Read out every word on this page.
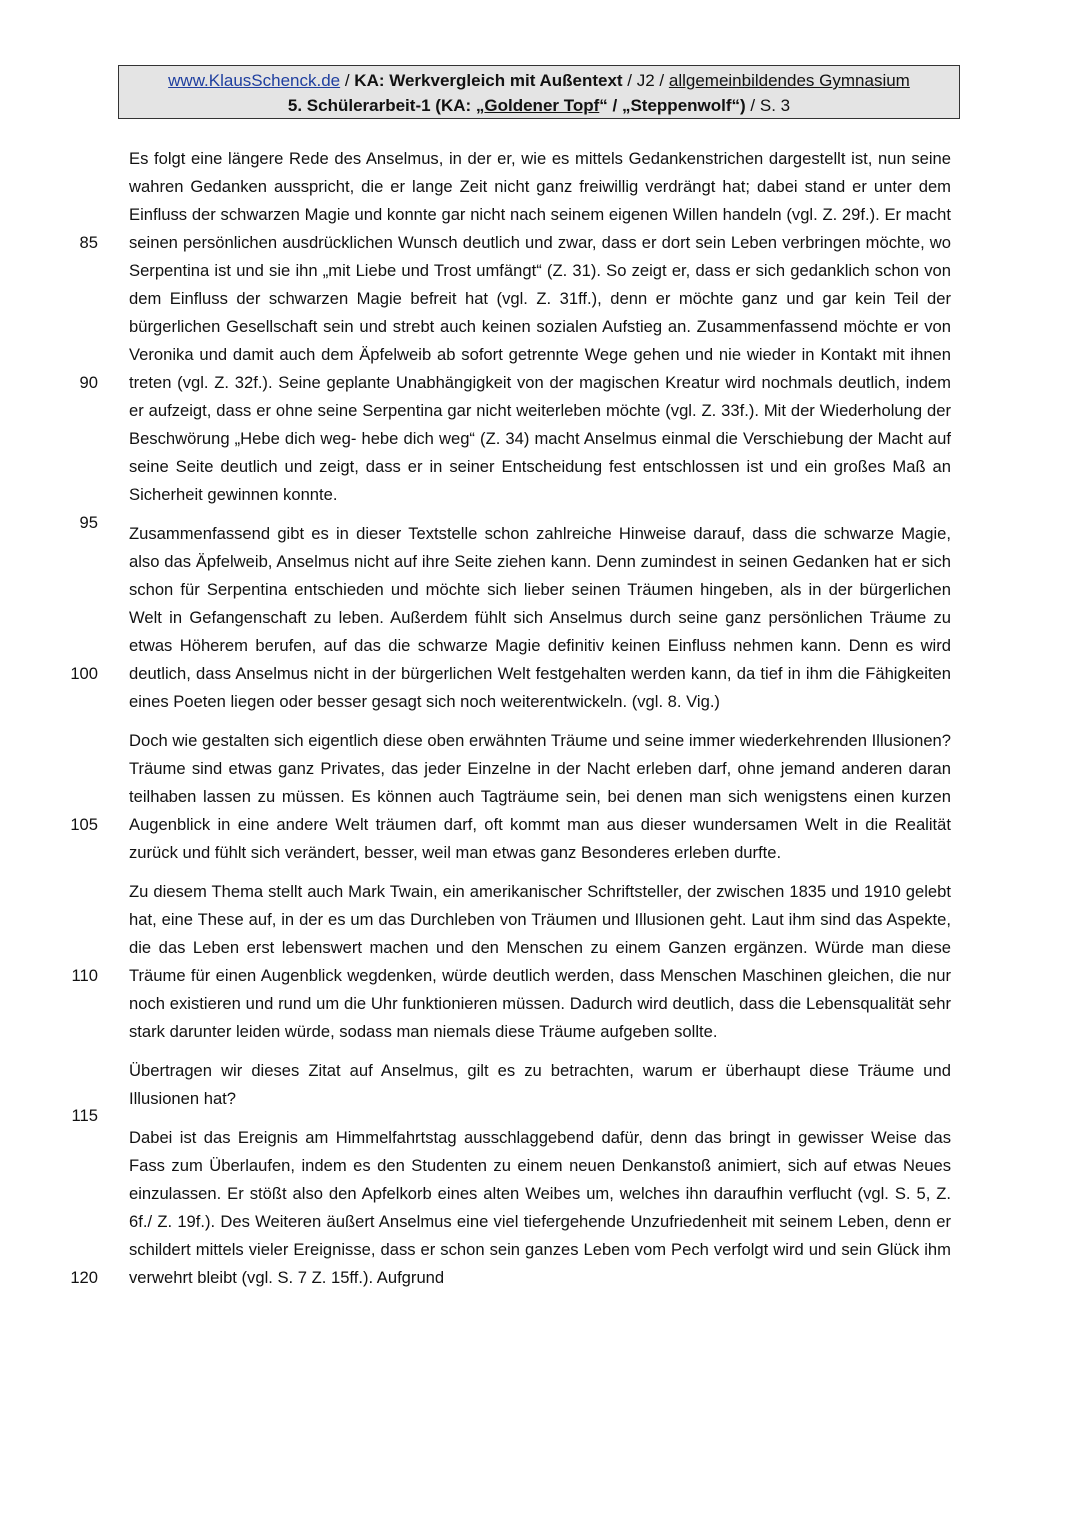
www.KlausSchenck.de / KA: Werkvergleich mit Außentext / J2 / allgemeinbildendes Gymnasium
5. Schülerarbeit-1 (KA: „Goldener Topf“ / „Steppenwolf“) / S. 3
85
90
95
100
105
110
115
120

Es folgt eine längere Rede des Anselmus, in der er, wie es mittels Gedankenstrichen dargestellt ist, nun seine wahren Gedanken ausspricht, die er lange Zeit nicht ganz freiwillig verdrängt hat; dabei stand er unter dem Einfluss der schwarzen Magie und konnte gar nicht nach seinem eigenen Willen handeln (vgl. Z. 29f.). Er macht seinen persönlichen ausdrücklichen Wunsch deutlich und zwar, dass er dort sein Leben verbringen möchte, wo Serpentina ist und sie ihn „mit Liebe und Trost umfängt“ (Z. 31). So zeigt er, dass er sich gedanklich schon von dem Einfluss der schwarzen Magie befreit hat (vgl. Z. 31ff.), denn er möchte ganz und gar kein Teil der bürgerlichen Gesellschaft sein und strebt auch keinen sozialen Aufstieg an. Zusammenfassend möchte er von Veronika und damit auch dem Äpfelweib ab sofort getrennte Wege gehen und nie wieder in Kontakt mit ihnen treten (vgl. Z. 32f.). Seine geplante Unabhängigkeit von der magischen Kreatur wird nochmals deutlich, indem er aufzeigt, dass er ohne seine Serpentina gar nicht weiterleben möchte (vgl. Z. 33f.). Mit der Wiederholung der Beschwörung „Hebe dich weg- hebe dich weg“ (Z. 34) macht Anselmus einmal die Verschiebung der Macht auf seine Seite deutlich und zeigt, dass er in seiner Entscheidung fest entschlossen ist und ein großes Maß an Sicherheit gewinnen konnte.

Zusammenfassend gibt es in dieser Textstelle schon zahlreiche Hinweise darauf, dass die schwarze Magie, also das Äpfelweib, Anselmus nicht auf ihre Seite ziehen kann. Denn zumindest in seinen Gedanken hat er sich schon für Serpentina entschieden und möchte sich lieber seinen Träumen hingeben, als in der bürgerlichen Welt in Gefangenschaft zu leben. Außerdem fühlt sich Anselmus durch seine ganz persönlichen Träume zu etwas Höherem berufen, auf das die schwarze Magie definitiv keinen Einfluss nehmen kann. Denn es wird deutlich, dass Anselmus nicht in der bürgerlichen Welt festgehalten werden kann, da tief in ihm die Fähigkeiten eines Poeten liegen oder besser gesagt sich noch weiterentwickeln. (vgl. 8. Vig.)

Doch wie gestalten sich eigentlich diese oben erwähnten Träume und seine immer wiederkehrenden Illusionen? Träume sind etwas ganz Privates, das jeder Einzelne in der Nacht erleben darf, ohne jemand anderen daran teilhaben lassen zu müssen. Es können auch Tagträume sein, bei denen man sich wenigstens einen kurzen Augenblick in eine andere Welt träumen darf, oft kommt man aus dieser wundersamen Welt in die Realität zurück und fühlt sich verändert, besser, weil man etwas ganz Besonderes erleben durfte.

Zu diesem Thema stellt auch Mark Twain, ein amerikanischer Schriftsteller, der zwischen 1835 und 1910 gelebt hat, eine These auf, in der es um das Durchleben von Träumen und Illusionen geht. Laut ihm sind das Aspekte, die das Leben erst lebenswert machen und den Menschen zu einem Ganzen ergänzen. Würde man diese Träume für einen Augenblick wegdenken, würde deutlich werden, dass Menschen Maschinen gleichen, die nur noch existieren und rund um die Uhr funktionieren müssen. Dadurch wird deutlich, dass die Lebensqualität sehr stark darunter leiden würde, sodass man niemals diese Träume aufgeben sollte.

Übertragen wir dieses Zitat auf Anselmus, gilt es zu betrachten, warum er überhaupt diese Träume und Illusionen hat?

Dabei ist das Ereignis am Himmelfahrtstag ausschlaggebend dafür, denn das bringt in gewisser Weise das Fass zum Überlaufen, indem es den Studenten zu einem neuen Denkanstoß animiert, sich auf etwas Neues einzulassen. Er stößt also den Apfelkorb eines alten Weibes um, welches ihn daraufhin verflucht (vgl. S. 5, Z. 6f./ Z. 19f.). Des Weiteren äußert Anselmus eine viel tiefergehende Unzufriedenheit mit seinem Leben, denn er schildert mittels vieler Ereignisse, dass er schon sein ganzes Leben vom Pech verfolgt wird und sein Glück ihm verwehrt bleibt (vgl. S. 7 Z. 15ff.). Aufgrund
